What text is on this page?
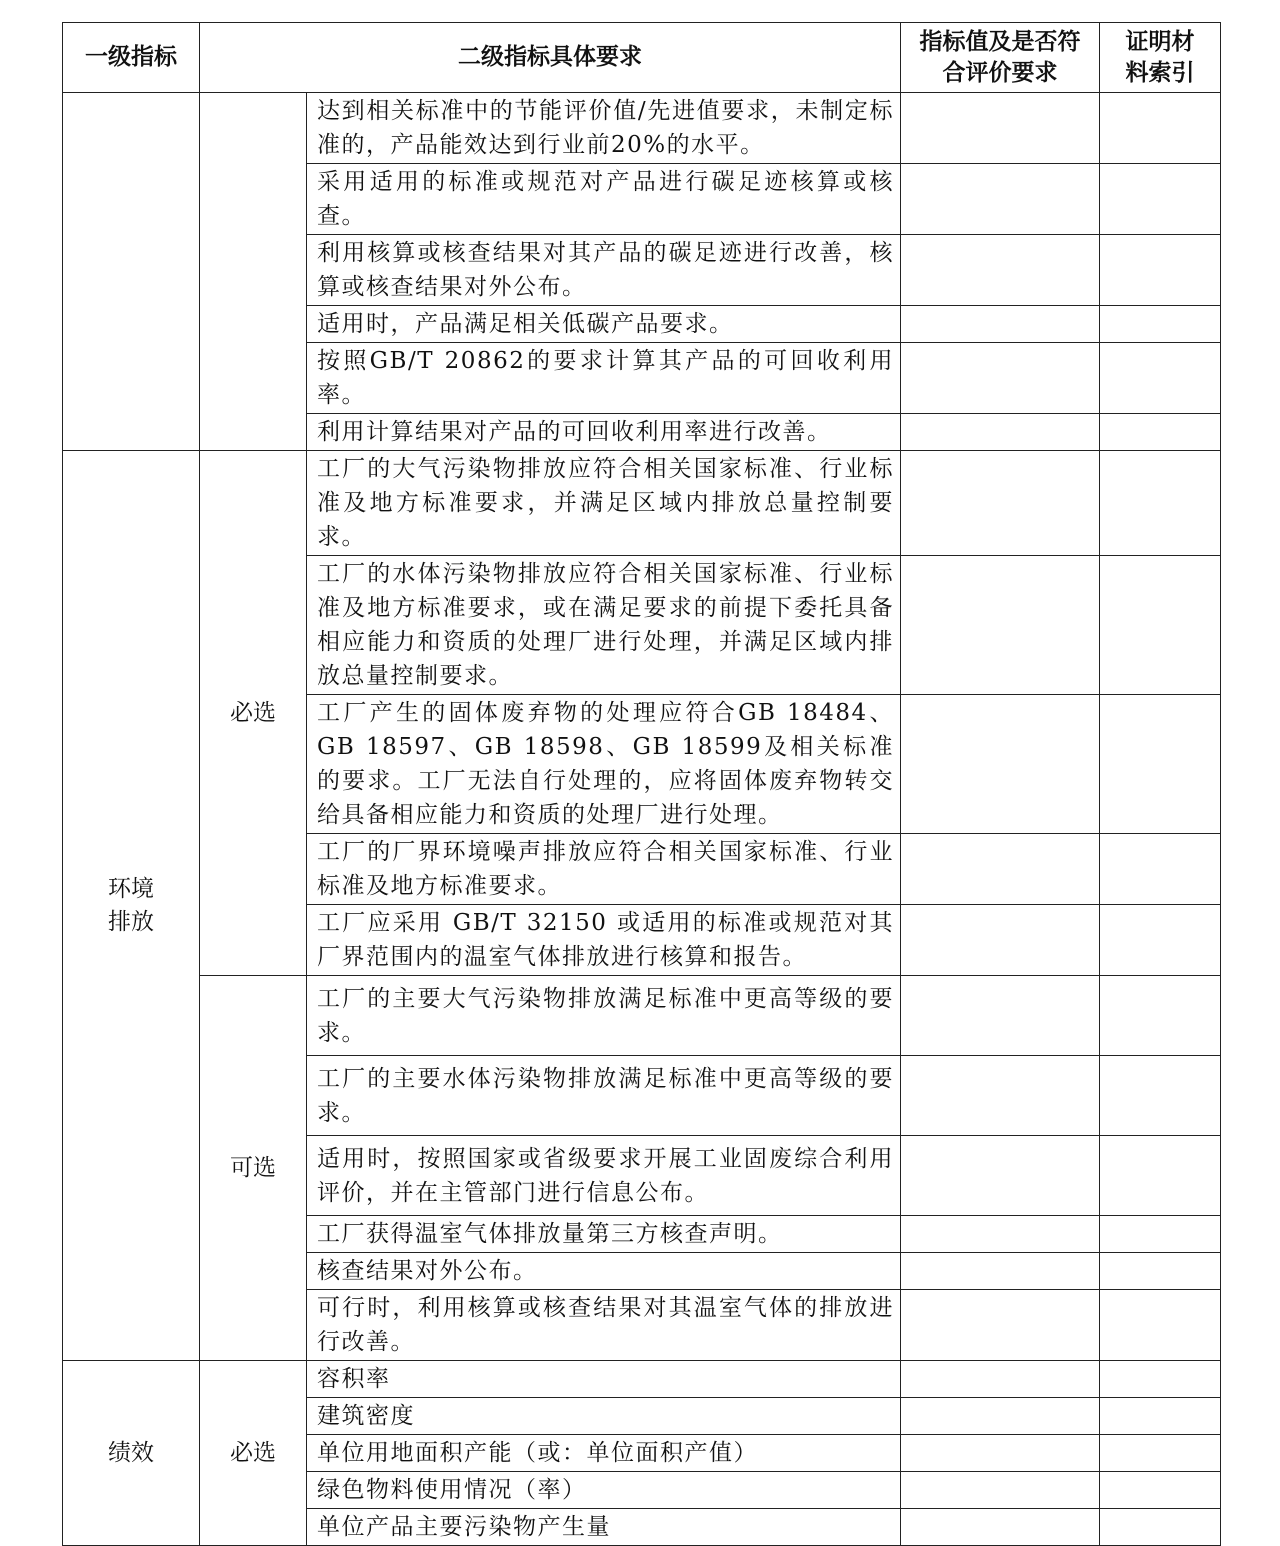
一级指标	二级指标具体要求		指标值及是否符合评价要求	证明材料索引
		达到相关标准中的节能评价值/先进值要求，未制定标准的，产品能效达到行业前20%的水平。		
		采用适用的标准或规范对产品进行碳足迹核算或核查。		
		利用核算或核查结果对其产品的碳足迹进行改善，核算或核查结果对外公布。		
		适用时，产品满足相关低碳产品要求。		
		按照GB/T 20862的要求计算其产品的可回收利用率。		
		利用计算结果对产品的可回收利用率进行改善。		
环境排放	必选	工厂的大气污染物排放应符合相关国家标准、行业标准及地方标准要求，并满足区域内排放总量控制要求。		
		工厂的水体污染物排放应符合相关国家标准、行业标准及地方标准要求，或在满足要求的前提下委托具备相应能力和资质的处理厂进行处理，并满足区域内排放总量控制要求。		
		工厂产生的固体废弃物的处理应符合GB 18484、GB 18597、GB 18598、GB 18599及相关标准的要求。工厂无法自行处理的，应将固体废弃物转交给具备相应能力和资质的处理厂进行处理。		
		工厂的厂界环境噪声排放应符合相关国家标准、行业标准及地方标准要求。		
		工厂应采用 GB/T 32150 或适用的标准或规范对其厂界范围内的温室气体排放进行核算和报告。		
	可选	工厂的主要大气污染物排放满足标准中更高等级的要求。		
		工厂的主要水体污染物排放满足标准中更高等级的要求。		
		适用时，按照国家或省级要求开展工业固废综合利用评价，并在主管部门进行信息公布。		
		工厂获得温室气体排放量第三方核查声明。		
		核查结果对外公布。		
		可行时，利用核算或核查结果对其温室气体的排放进行改善。		
绩效	必选	容积率		
		建筑密度		
		单位用地面积产能（或：单位面积产值）		
		绿色物料使用情况（率）		
		单位产品主要污染物产生量		
